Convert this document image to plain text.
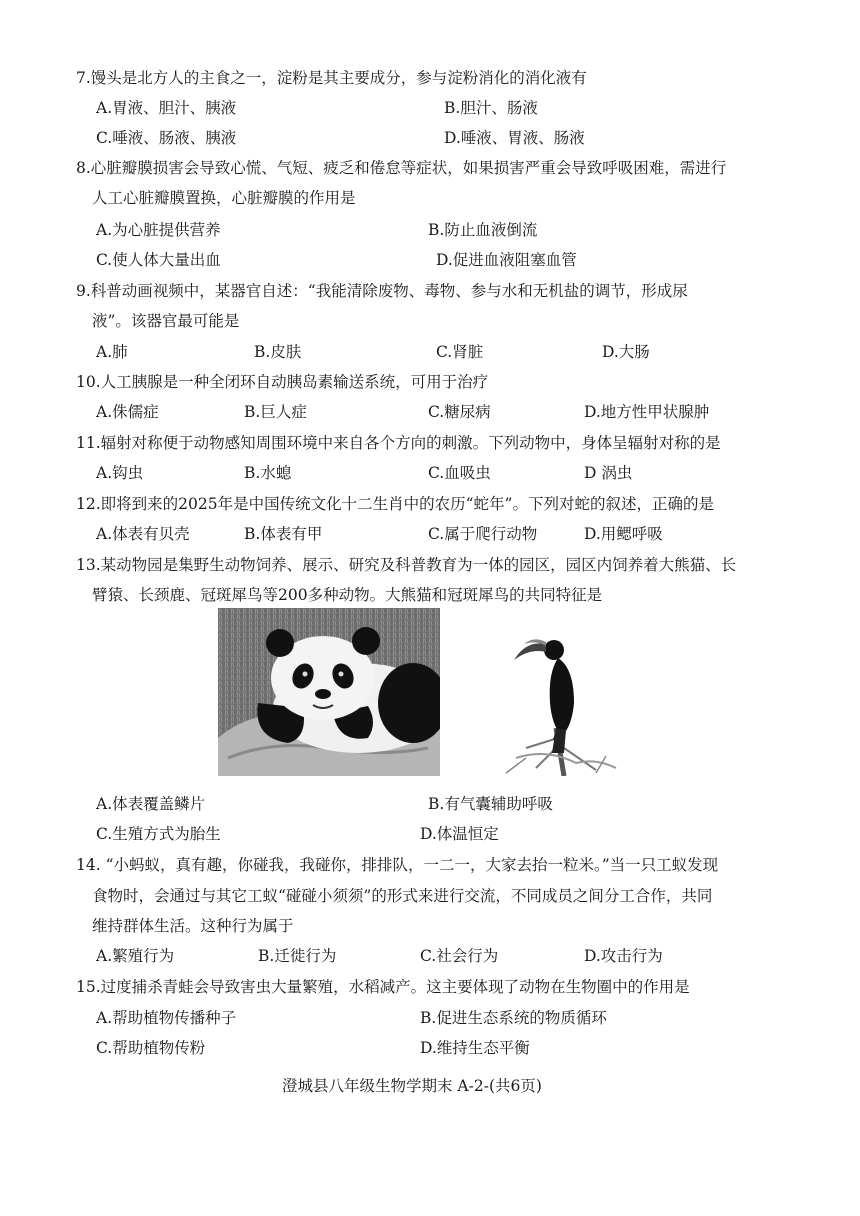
7.馒头是北方人的主食之一，淀粉是其主要成分，参与淀粉消化的消化液有
A.胃液、胆汁、胰液	B.胆汁、肠液
C.唾液、肠液、胰液	D.唾液、胃液、肠液
8.心脏瓣膜损害会导致心慌、气短、疲乏和倦怠等症状，如果损害严重会导致呼吸困难，需进行
人工心脏瓣膜置换，心脏瓣膜的作用是
A.为心脏提供营养	B.防止血液倒流
C.使人体大量出血	D.促进血液阻塞血管
9.科普动画视频中，某器官自述：“我能清除废物、毒物、参与水和无机盐的调节，形成尿
液”。该器官最可能是
A.肺	B.皮肤	C.肾脏	D.大肠
10.人工胰腺是一种全闭环自动胰岛素输送系统，可用于治疗
A.侏儒症	B.巨人症	C.糖尿病	D.地方性甲状腺肿
11.辐射对称便于动物感知周围环境中来自各个方向的刺激。下列动物中，身体呈辐射对称的是
A.钩虫	B.水螅	C.血吸虫	D 涡虫
12.即将到来的2025年是中国传统文化十二生肖中的农历“蛇年”。下列对蛇的叙述，正确的是
A.体表有贝壳	B.体表有甲	C.属于爬行动物	D.用鳃呼吸
13.某动物园是集野生动物饲养、展示、研究及科普教育为一体的园区，园区内饲养着大熊猫、长
臂猿、长颈鹿、冠斑犀鸟等200多种动物。大熊猫和冠斑犀鸟的共同特征是
A.体表覆盖鳞片	B.有气囊辅助呼吸
C.生殖方式为胎生	D.体温恒定
14. “小蚂蚁，真有趣，你碰我，我碰你，排排队，一二一，大家去抬一粒米。”当一只工蚁发现
食物时，会通过与其它工蚁“碰碰小须须”的形式来进行交流，不同成员之间分工合作，共同
维持群体生活。这种行为属于
A.繁殖行为	B.迁徙行为	C.社会行为	D.攻击行为
15.过度捕杀青蛙会导致害虫大量繁殖，水稻减产。这主要体现了动物在生物圈中的作用是
A.帮助植物传播种子	B.促进生态系统的物质循环
C.帮助植物传粉	D.维持生态平衡
澄城县八年级生物学期末 A-2-(共6页)
